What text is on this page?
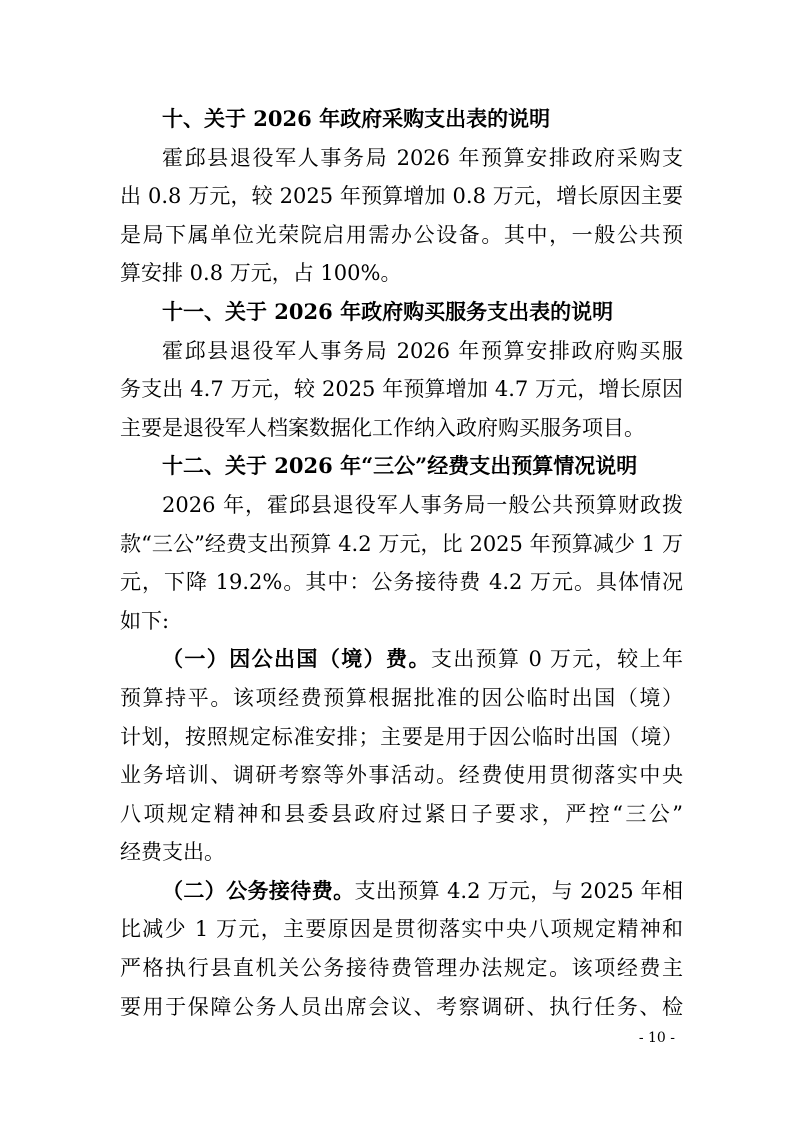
十、关于 2026 年政府采购支出表的说明
霍邱县退役军人事务局 2026 年预算安排政府采购支
出 0.8 万元，较 2025 年预算增加 0.8 万元，增长原因主要
是局下属单位光荣院启用需办公设备。其中，一般公共预
算安排 0.8 万元，占 100%。
十一、关于 2026 年政府购买服务支出表的说明
霍邱县退役军人事务局 2026 年预算安排政府购买服
务支出 4.7 万元，较 2025 年预算增加 4.7 万元，增长原因
主要是退役军人档案数据化工作纳入政府购买服务项目。
十二、关于 2026 年“三公”经费支出预算情况说明
2026 年，霍邱县退役军人事务局一般公共预算财政拨
款“三公”经费支出预算 4.2 万元，比 2025 年预算减少 1 万
元，下降 19.2%。其中：公务接待费 4.2 万元。具体情况
如下:
（一）因公出国（境）费。支出预算 0 万元，较上年
预算持平。该项经费预算根据批准的因公临时出国（境）
计划，按照规定标准安排；主要是用于因公临时出国（境）
业务培训、调研考察等外事活动。经费使用贯彻落实中央
八项规定精神和县委县政府过紧日子要求，严控“三公”
经费支出。
（二）公务接待费。支出预算 4.2 万元，与 2025 年相
比减少 1 万元，主要原因是贯彻落实中央八项规定精神和
严格执行县直机关公务接待费管理办法规定。该项经费主
要用于保障公务人员出席会议、考察调研、执行任务、检
- 10 -
